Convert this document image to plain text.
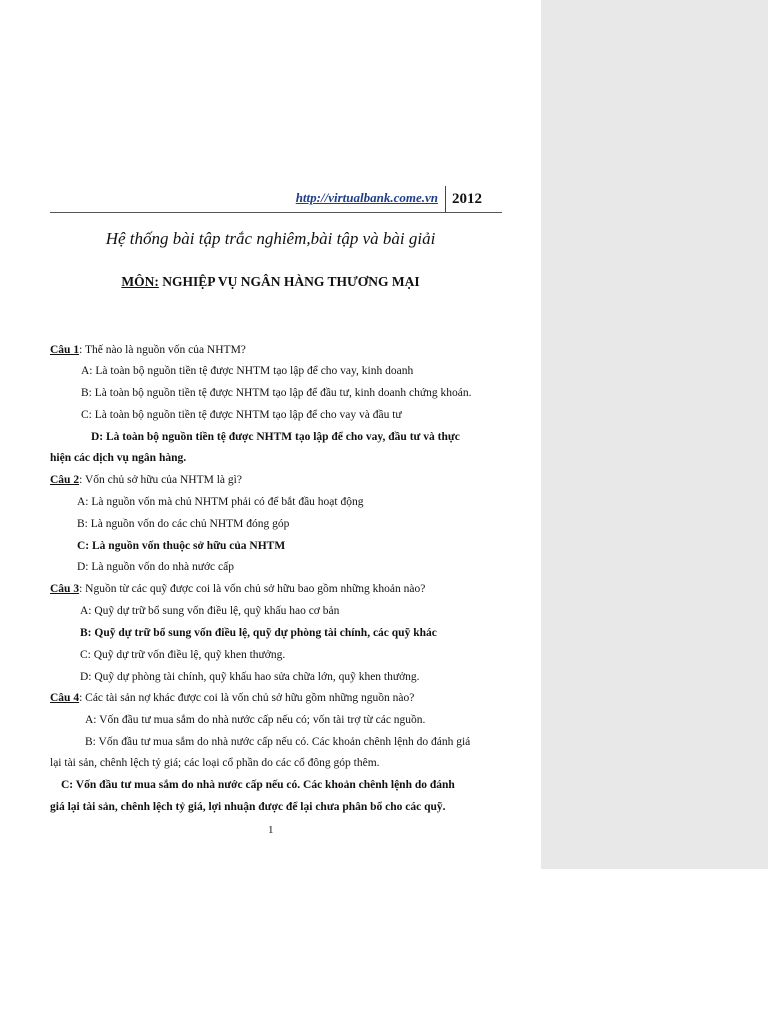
http://virtualbank.come.vn 2012
Hệ thống bài tập trắc nghiêm,bài tập và bài giải
MÔN: NGHIỆP VỤ NGÂN HÀNG THƯƠNG MẠI
Câu 1: Thế nào là nguồn vốn của NHTM?
A: Là toàn bộ nguồn tiền tệ được NHTM tạo lập để cho vay, kinh doanh
B: Là toàn bộ nguồn tiền tệ được NHTM tạo lập để đầu tư, kinh doanh chứng khoán.
C: Là toàn bộ nguồn tiền tệ được NHTM tạo lập để cho vay và đầu tư
D: Là toàn bộ nguồn tiền tệ được NHTM tạo lập để cho vay, đầu tư và thực
hiện các dịch vụ ngân hàng.
Câu 2: Vốn chủ sở hữu của NHTM là gì?
A: Là nguồn vốn mà chủ NHTM phải có để bắt đầu hoạt động
B: Là nguồn vốn do các chủ NHTM đóng góp
C: Là nguồn vốn thuộc sở hữu của NHTM
D: Là nguồn vốn do nhà nước cấp
Câu 3: Nguồn từ các quỹ được coi là vốn chủ sở hữu bao gồm những khoản nào?
A: Quỹ dự trữ bổ sung vốn điều lệ, quỹ khấu hao cơ bản
B: Quỹ dự trữ bổ sung vốn điều lệ, quỹ dự phòng tài chính, các quỹ khác
C: Quỹ dự trữ vốn điều lệ, quỹ khen thưởng.
D: Quỹ dự phòng tài chính, quỹ khấu hao sửa chữa lớn, quỹ khen thưởng.
Câu 4: Các tài sản nợ khác được coi là vốn chủ sở hữu gồm những nguồn nào?
A: Vốn đầu tư mua sắm do nhà nước cấp nếu có; vốn tài trợ từ các nguồn.
B: Vốn đầu tư mua sắm do nhà nước cấp nếu có. Các khoản chênh lệnh do đánh giá
lại tài sản, chênh lệch tỷ giá; các loại cổ phần do các cổ đông góp thêm.
C: Vốn đầu tư mua sắm do nhà nước cấp nếu có. Các khoản chênh lệnh do đánh
giá lại tài sản, chênh lệch tỷ giá, lợi nhuận được để lại chưa phân bổ cho các quỹ.
1
